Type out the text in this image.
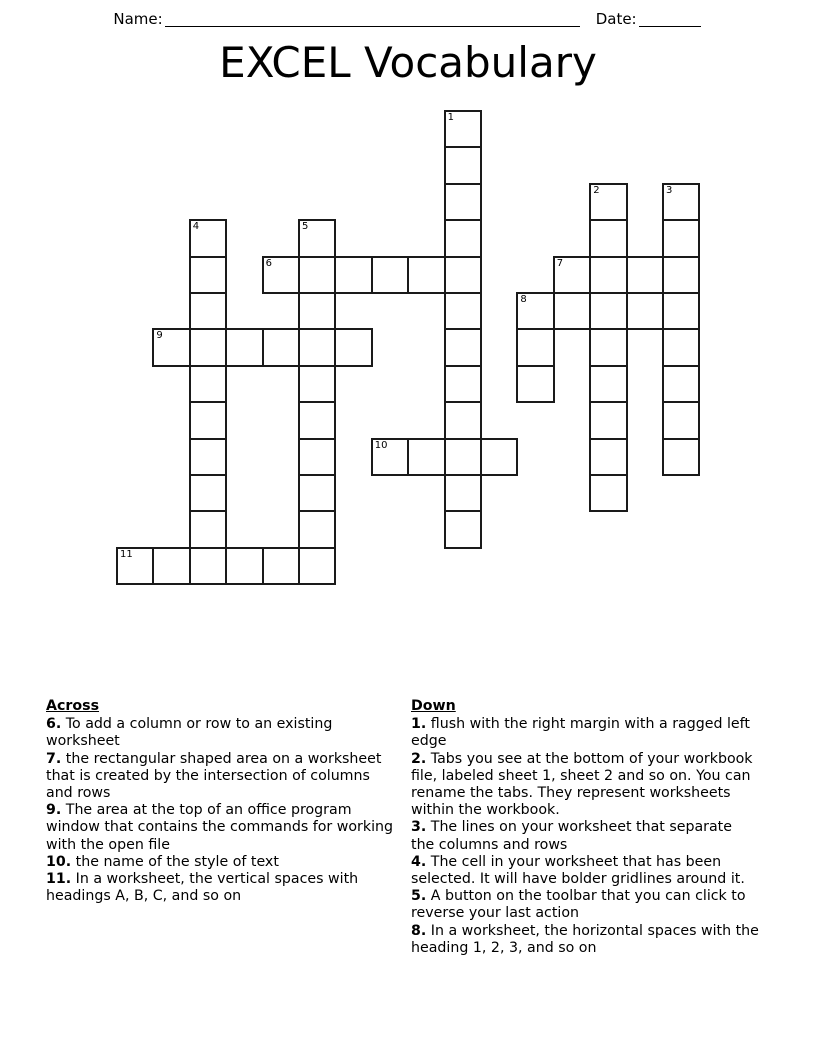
Name:	Date:
EXCEL Vocabulary
1
2	3
4	5
6	7
8
9
10
11
Across

6. To add a column or row to an existing worksheet

7. the rectangular shaped area on a worksheet that is created by the intersection of columns and rows

9. The area at the top of an office program window that contains the commands for working with the open file

10. the name of the style of text

11. In a worksheet, the vertical spaces with headings A, B, C, and so on

Down

1. flush with the right margin with a ragged left edge

2. Tabs you see at the bottom of your workbook file, labeled sheet 1, sheet 2 and so on. You can rename the tabs. They represent worksheets within the workbook.

3. The lines on your worksheet that separate the columns and rows

4. The cell in your worksheet that has been selected. It will have bolder gridlines around it.

5. A button on the toolbar that you can click to reverse your last action

8. In a worksheet, the horizontal spaces with the heading 1, 2, 3, and so on
